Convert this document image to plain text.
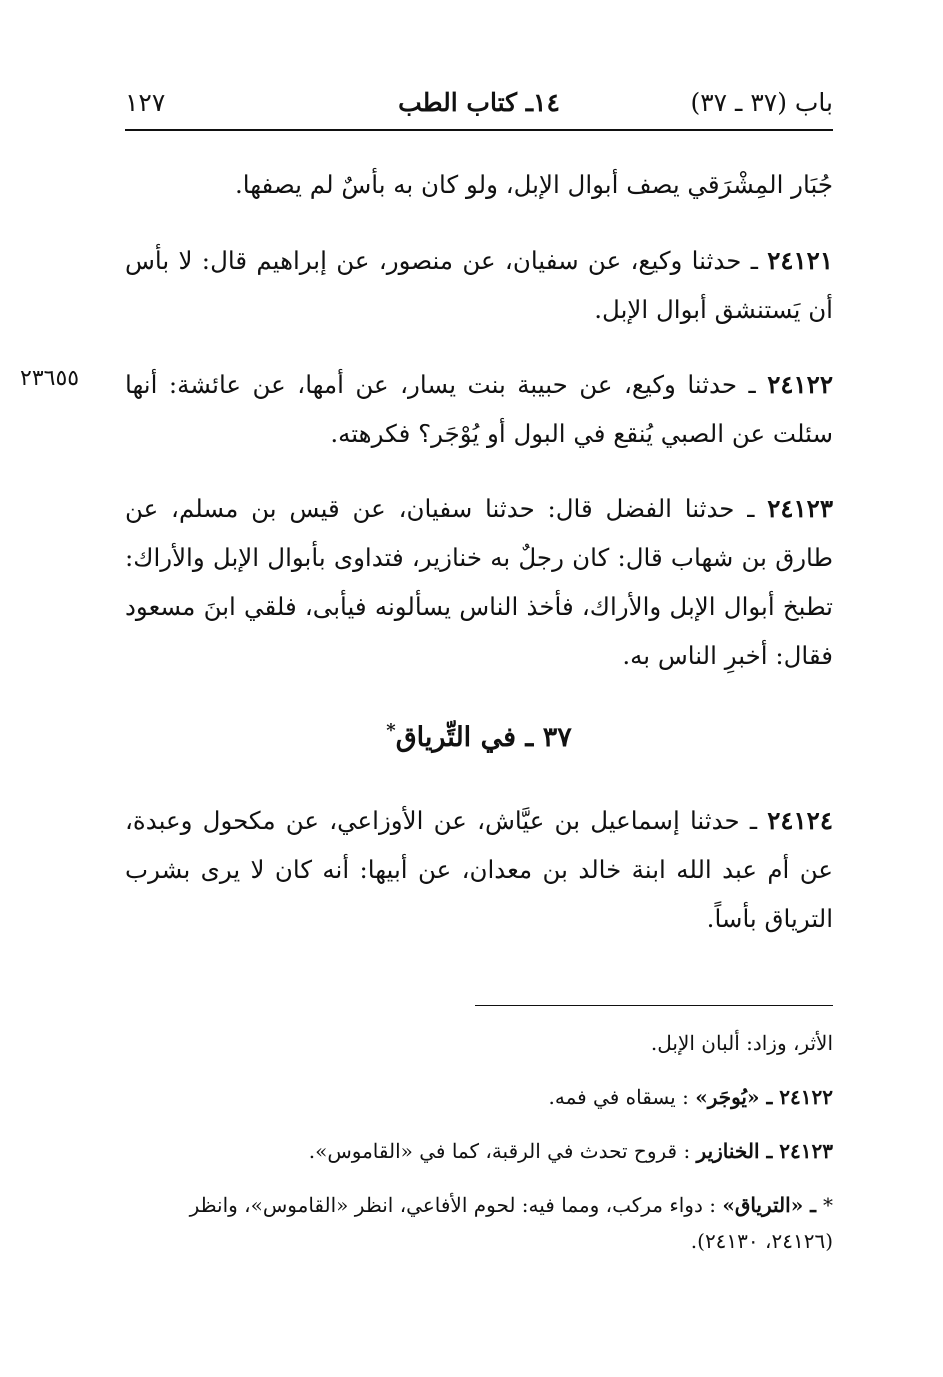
باب (٣٧ ـ ٣٧)
١٤ـ كتاب الطب
١٢٧

جُبَار المِشْرَقي يصف أبوال الإبل، ولو كان به بأسٌ لم يصفها.

٢٤١٢١ ـ حدثنا وكيع، عن سفيان، عن منصور، عن إبراهيم قال: لا بأس أن يَستنشق أبوال الإبل.

٢٣٦٥٥	٢٤١٢٢ ـ حدثنا وكيع، عن حبيبة بنت يسار، عن أمها، عن عائشة: أنها سئلت عن الصبي يُنقع في البول أو يُوْجَر؟ فكرهته.

٢٤١٢٣ ـ حدثنا الفضل قال: حدثنا سفيان، عن قيس بن مسلم، عن طارق بن شهاب قال: كان رجلٌ به خنازير، فتداوى بأبوال الإبل والأراك: تطبخ أبوال الإبل والأراك، فأخذ الناس يسألونه فيأبى، فلقي ابنَ مسعود فقال: أخبرِ الناس به.

٣٧ ـ في التِّرياق*

٢٤١٢٤ ـ حدثنا إسماعيل بن عيَّاش، عن الأوزاعي، عن مكحول وعبدة، عن أم عبد الله ابنة خالد بن معدان، عن أبيها: أنه كان لا يرى بشرب الترياق بأساً.

الأثر، وزاد: ألبان الإبل.

٢٤١٢٢ ـ «يُوجَر» : يسقاه في فمه.

٢٤١٢٣ ـ الخنازير : قروح تحدث في الرقبة، كما في «القاموس».

* ـ «الترياق» : دواء مركب، ومما فيه: لحوم الأفاعي، انظر «القاموس»، وانظر (٢٤١٢٦، ٢٤١٣٠).
